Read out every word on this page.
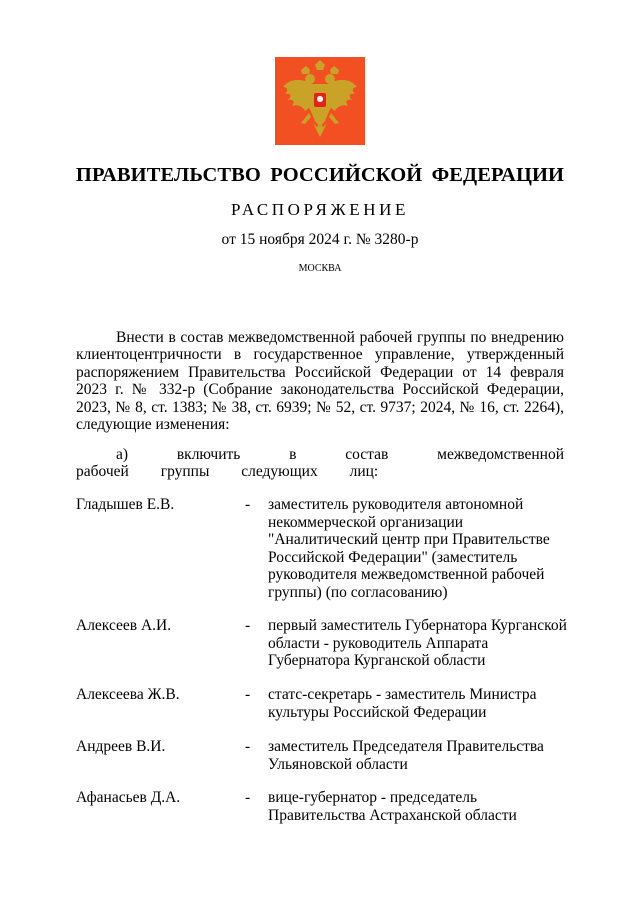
ПРАВИТЕЛЬСТВО РОССИЙСКОЙ ФЕДЕРАЦИИ
РАСПОРЯЖЕНИЕ
от 15 ноября 2024 г. № 3280-р
МОСКВА

Внести в состав межведомственной рабочей группы по внедрению клиентоцентричности в государственное управление, утвержденный распоряжением Правительства Российской Федерации от 14 февраля 2023 г. № 332-р (Собрание законодательства Российской Федерации, 2023, № 8, ст. 1383; № 38, ст. 6939; № 52, ст. 9737; 2024, № 16, ст. 2264), следующие изменения:

а) включить в состав межведомственной рабочей группы следующих лиц:

Гладышев Е.В.	- заместитель руководителя автономной некоммерческой организации "Аналитический центр при Правительстве Российской Федерации" (заместитель руководителя межведомственной рабочей группы) (по согласованию)
Алексеев А.И.	- первый заместитель Губернатора Курганской области - руководитель Аппарата Губернатора Курганской области
Алексеева Ж.В.	- статс-секретарь - заместитель Министра культуры Российской Федерации
Андреев В.И.	- заместитель Председателя Правительства Ульяновской области
Афанасьев Д.А.	- вице-губернатор - председатель Правительства Астраханской области
